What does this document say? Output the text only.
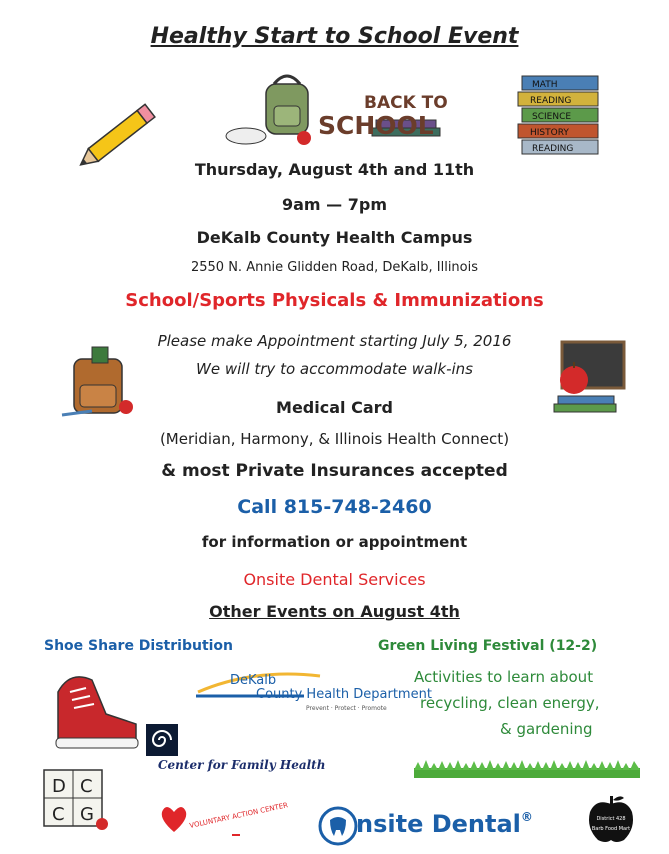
Healthy Start to School Event
BACK TO
SCHOOL
MATH
READING
SCIENCE
HISTORY
READING
Thursday, August 4th and 11th
9am — 7pm
DeKalb County Health Campus
2550 N. Annie Glidden Road, DeKalb, Illinois
School/Sports Physicals & Immunizations
Please make Appointment starting July 5, 2016
We will try to accommodate walk-ins
Medical Card
(Meridian, Harmony, & Illinois Health Connect)
& most Private Insurances accepted
Call 815-748-2460
for information or appointment
Onsite Dental Services
Other Events on August 4th
Shoe Share Distribution
DeKalb
County Health Department
Prevent · Protect · Promote
Center for Family Health
Green Living Festival (12-2)
Activities to learn about
recycling, clean energy,
& gardening
D C
C G	VOLUNTARY ACTION CENTER	nsite Dental®	District 428
Barb Food Mart
